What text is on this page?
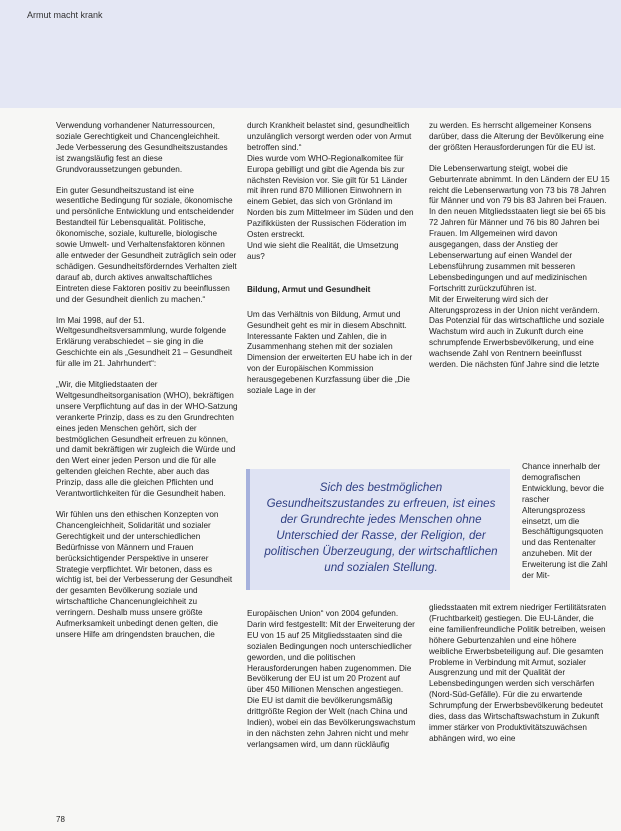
Armut macht krank

Verwendung vorhandener Naturressourcen, soziale Gerechtigkeit und Chancengleichheit. Jede Verbesserung des Gesundheitszustandes ist zwangsläufig fest an diese Grundvoraussetzungen gebunden.

Ein guter Gesundheitszustand ist eine wesentliche Bedingung für soziale, ökonomische und persönliche Entwicklung und entscheidender Bestandteil für Lebensqualität. Politische, ökonomische, soziale, kulturelle, biologische sowie Umwelt- und Verhaltensfaktoren können alle entweder der Gesundheit zuträglich sein oder schädigen. Gesundheitsförderndes Verhalten zielt darauf ab, durch aktives anwaltschaftliches Eintreten diese Faktoren positiv zu beeinflussen und der Gesundheit dienlich zu machen.“

Im Mai 1998, auf der 51. Weltgesundheitsversammlung, wurde folgende Erklärung verabschiedet – sie ging in die Geschichte ein als „Gesundheit 21 – Gesundheit für alle im 21. Jahrhundert“:

„Wir, die Mitgliedstaaten der Weltgesundheitsorganisation (WHO), bekräftigen unsere Verpflichtung auf das in der WHO-Satzung verankerte Prinzip, dass es zu den Grundrechten eines jeden Menschen gehört, sich der bestmöglichen Gesundheit erfreuen zu können, und damit bekräftigen wir zugleich die Würde und den Wert einer jeden Person und die für alle geltenden gleichen Rechte, aber auch das Prinzip, dass alle die gleichen Pflichten und Verantwortlichkeiten für die Gesundheit haben.

Wir fühlen uns den ethischen Konzepten von Chancengleichheit, Solidarität und sozialer Gerechtigkeit und der unterschiedlichen Bedürfnisse von Männern und Frauen berücksichtigender Perspektive in unserer Strategie verpflichtet. Wir betonen, dass es wichtig ist, bei der Verbesserung der Gesundheit der gesamten Bevölkerung soziale und wirtschaftliche Chancenungleichheit zu verringern. Deshalb muss unsere größte Aufmerksamkeit unbedingt denen gelten, die unsere Hilfe am dringendsten brauchen, die

durch Krankheit belastet sind, gesundheitlich unzulänglich versorgt werden oder von Armut betroffen sind.“

Dies wurde vom WHO-Regionalkomitee für Europa gebilligt und gibt die Agenda bis zur nächsten Revision vor. Sie gilt für 51 Länder mit ihren rund 870 Millionen Einwohnern in einem Gebiet, das sich von Grönland im Norden bis zum Mittelmeer im Süden und den Pazifikküsten der Russischen Föderation im Osten erstreckt.

Und wie sieht die Realität, die Umsetzung aus?

Bildung, Armut und Gesundheit

Um das Verhältnis von Bildung, Armut und Gesundheit geht es mir in diesem Abschnitt. Interessante Fakten und Zahlen, die in Zusammenhang stehen mit der sozialen Dimension der erweiterten EU habe ich in der von der Europäischen Kommission herausgegebenen Kurzfassung über die „Die soziale Lage in der

Sich des bestmöglichen Gesundheitszustandes zu erfreuen, ist eines der Grundrechte jedes Menschen ohne Unterschied der Rasse, der Religion, der politischen Überzeugung, der wirtschaftlichen und sozialen Stellung.

Europäischen Union“ von 2004 gefunden. Darin wird festgestellt: Mit der Erweiterung der EU von 15 auf 25 Mitgliedsstaaten sind die sozialen Bedingungen noch unterschiedlicher geworden, und die politischen Herausforderungen haben zugenommen. Die Bevölkerung der EU ist um 20 Prozent auf über 450 Millionen Menschen angestiegen. Die EU ist damit die bevölkerungsmäßig drittgrößte Region der Welt (nach China und Indien), wobei ein das Bevölkerungswachstum in den nächsten zehn Jahren nicht und mehr verlangsamen wird, um dann rückläufig

zu werden. Es herrscht allgemeiner Konsens darüber, dass die Alterung der Bevölkerung eine der größten Herausforderungen für die EU ist.

Die Lebenserwartung steigt, wobei die Geburtenrate abnimmt. In den Ländern der EU 15 reicht die Lebenserwartung von 73 bis 78 Jahren für Männer und von 79 bis 83 Jahren bei Frauen. In den neuen Mitgliedsstaaten liegt sie bei 65 bis 72 Jahren für Männer und 76 bis 80 Jahren bei Frauen. Im Allgemeinen wird davon ausgegangen, dass der Anstieg der Lebenserwartung auf einen Wandel der Lebensführung zusammen mit besseren Lebensbedingungen und auf medizinischen Fortschritt zurückzuführen ist.

Mit der Erweiterung wird sich der Alterungsprozess in der Union nicht verändern. Das Potenzial für das wirtschaftliche und soziale Wachstum wird auch in Zukunft durch eine schrumpfende Erwerbsbevölkerung, und eine wachsende Zahl von Rentnern beeinflusst werden. Die nächsten fünf Jahre sind die letzte

Chance innerhalb der demografischen Entwicklung, bevor die rascher Alterungsprozess einsetzt, um die Beschäftigungsquoten und das Rentenalter anzuheben. Mit der Erweiterung ist die Zahl der Mit-

gliedsstaaten mit extrem niedriger Fertilitätsraten (Fruchtbarkeit) gestiegen. Die EU-Länder, die eine familienfreundliche Politik betreiben, weisen höhere Geburtenzahlen und eine höhere weibliche Erwerbsbeteiligung auf. Die gesamten Probleme in Verbindung mit Armut, sozialer Ausgrenzung und mit der Qualität der Lebensbedingungen werden sich verschärfen (Nord-Süd-Gefälle). Für die zu erwartende Schrumpfung der Erwerbsbevölkerung bedeutet dies, dass das Wirtschaftswachstum in Zukunft immer stärker von Produktivitätszuwächsen abhängen wird, wo eine

78
